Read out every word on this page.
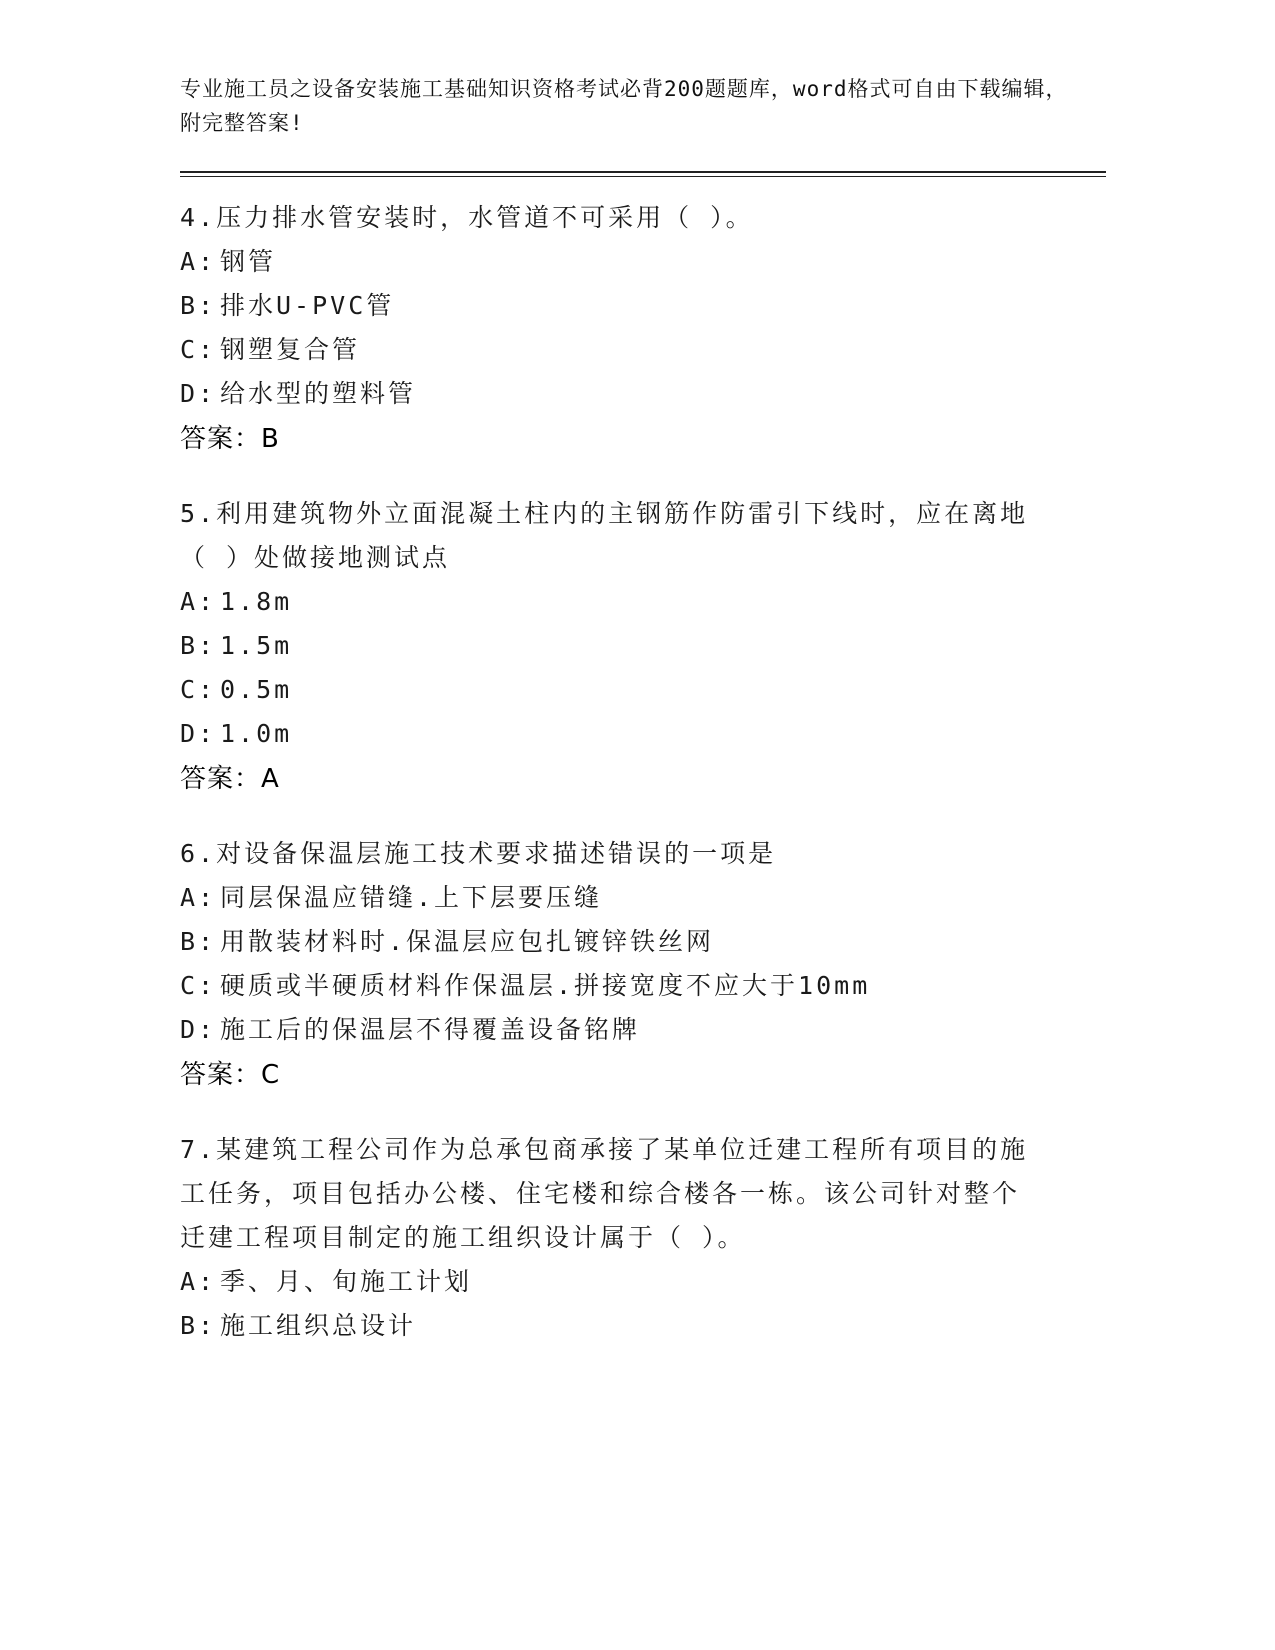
专业施工员之设备安装施工基础知识资格考试必背200题题库，word格式可自由下载编辑，附完整答案!

4.压力排水管安装时，水管道不可采用（ ）。

A: 钢管

B: 排水U-PVC管

C: 钢塑复合管

D: 给水型的塑料管

答案：B

5.利用建筑物外立面混凝土柱内的主钢筋作防雷引下线时，应在离地（ ）处做接地测试点

A: 1.8m

B: 1.5m

C: 0.5m

D: 1.0m

答案：A

6.对设备保温层施工技术要求描述错误的一项是

A: 同层保温应错缝.上下层要压缝

B: 用散装材料时.保温层应包扎镀锌铁丝网

C: 硬质或半硬质材料作保温层.拼接宽度不应大于10mm

D: 施工后的保温层不得覆盖设备铭牌

答案：C

7.某建筑工程公司作为总承包商承接了某单位迁建工程所有项目的施工任务，项目包括办公楼、住宅楼和综合楼各一栋。该公司针对整个迁建工程项目制定的施工组织设计属于（ ）。

A: 季、月、旬施工计划

B: 施工组织总设计
